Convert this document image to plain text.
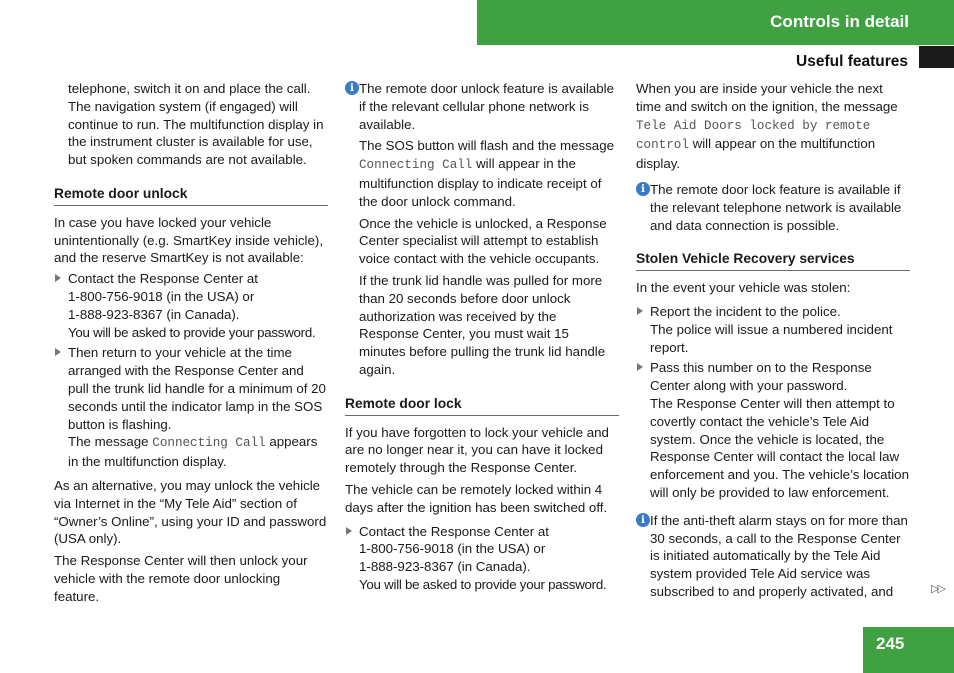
Controls in detail
Useful features

telephone, switch it on and place the call. The navigation system (if engaged) will continue to run. The multifunction display in the instrument cluster is available for use, but spoken commands are not available.

Remote door unlock

In case you have locked your vehicle unintentionally (e.g. SmartKey inside vehicle), and the reserve SmartKey is not available:

Contact the Response Center at
1-800-756-9018 (in the USA) or
1-888-923-8367 (in Canada).
You will be asked to provide your password.
Then return to your vehicle at the time arranged with the Response Center and pull the trunk lid handle for a minimum of 20 seconds until the indicator lamp in the SOS button is flashing.
The message Connecting Call appears in the multifunction display.

As an alternative, you may unlock the vehicle via Internet in the “My Tele Aid” section of “Owner’s Online”, using your ID and password (USA only).

The Response Center will then unlock your vehicle with the remote door unlocking feature.

i The remote door unlock feature is available if the relevant cellular phone network is available.

The SOS button will flash and the message Connecting Call will appear in the multifunction display to indicate receipt of the door unlock command.

Once the vehicle is unlocked, a Response Center specialist will attempt to establish voice contact with the vehicle occupants.

If the trunk lid handle was pulled for more than 20 seconds before door unlock authorization was received by the Response Center, you must wait 15 minutes before pulling the trunk lid handle again.

Remote door lock

If you have forgotten to lock your vehicle and are no longer near it, you can have it locked remotely through the Response Center.

The vehicle can be remotely locked within 4 days after the ignition has been switched off.

Contact the Response Center at
1-800-756-9018 (in the USA) or
1-888-923-8367 (in Canada).
You will be asked to provide your password.

When you are inside your vehicle the next time and switch on the ignition, the message Tele Aid Doors locked by remote control will appear on the multifunction display.

i The remote door lock feature is available if the relevant telephone network is available and data connection is possible.
Stolen Vehicle Recovery services

In the event your vehicle was stolen:

Report the incident to the police.
The police will issue a numbered incident report.
Pass this number on to the Response Center along with your password.
The Response Center will then attempt to covertly contact the vehicle’s Tele Aid system. Once the vehicle is located, the Response Center will contact the local law enforcement and you. The vehicle’s location will only be provided to law enforcement.
i If the anti-theft alarm stays on for more than 30 seconds, a call to the Response Center is initiated automatically by the Tele Aid system provided Tele Aid service was subscribed to and properly activated, and	▷▷
245
